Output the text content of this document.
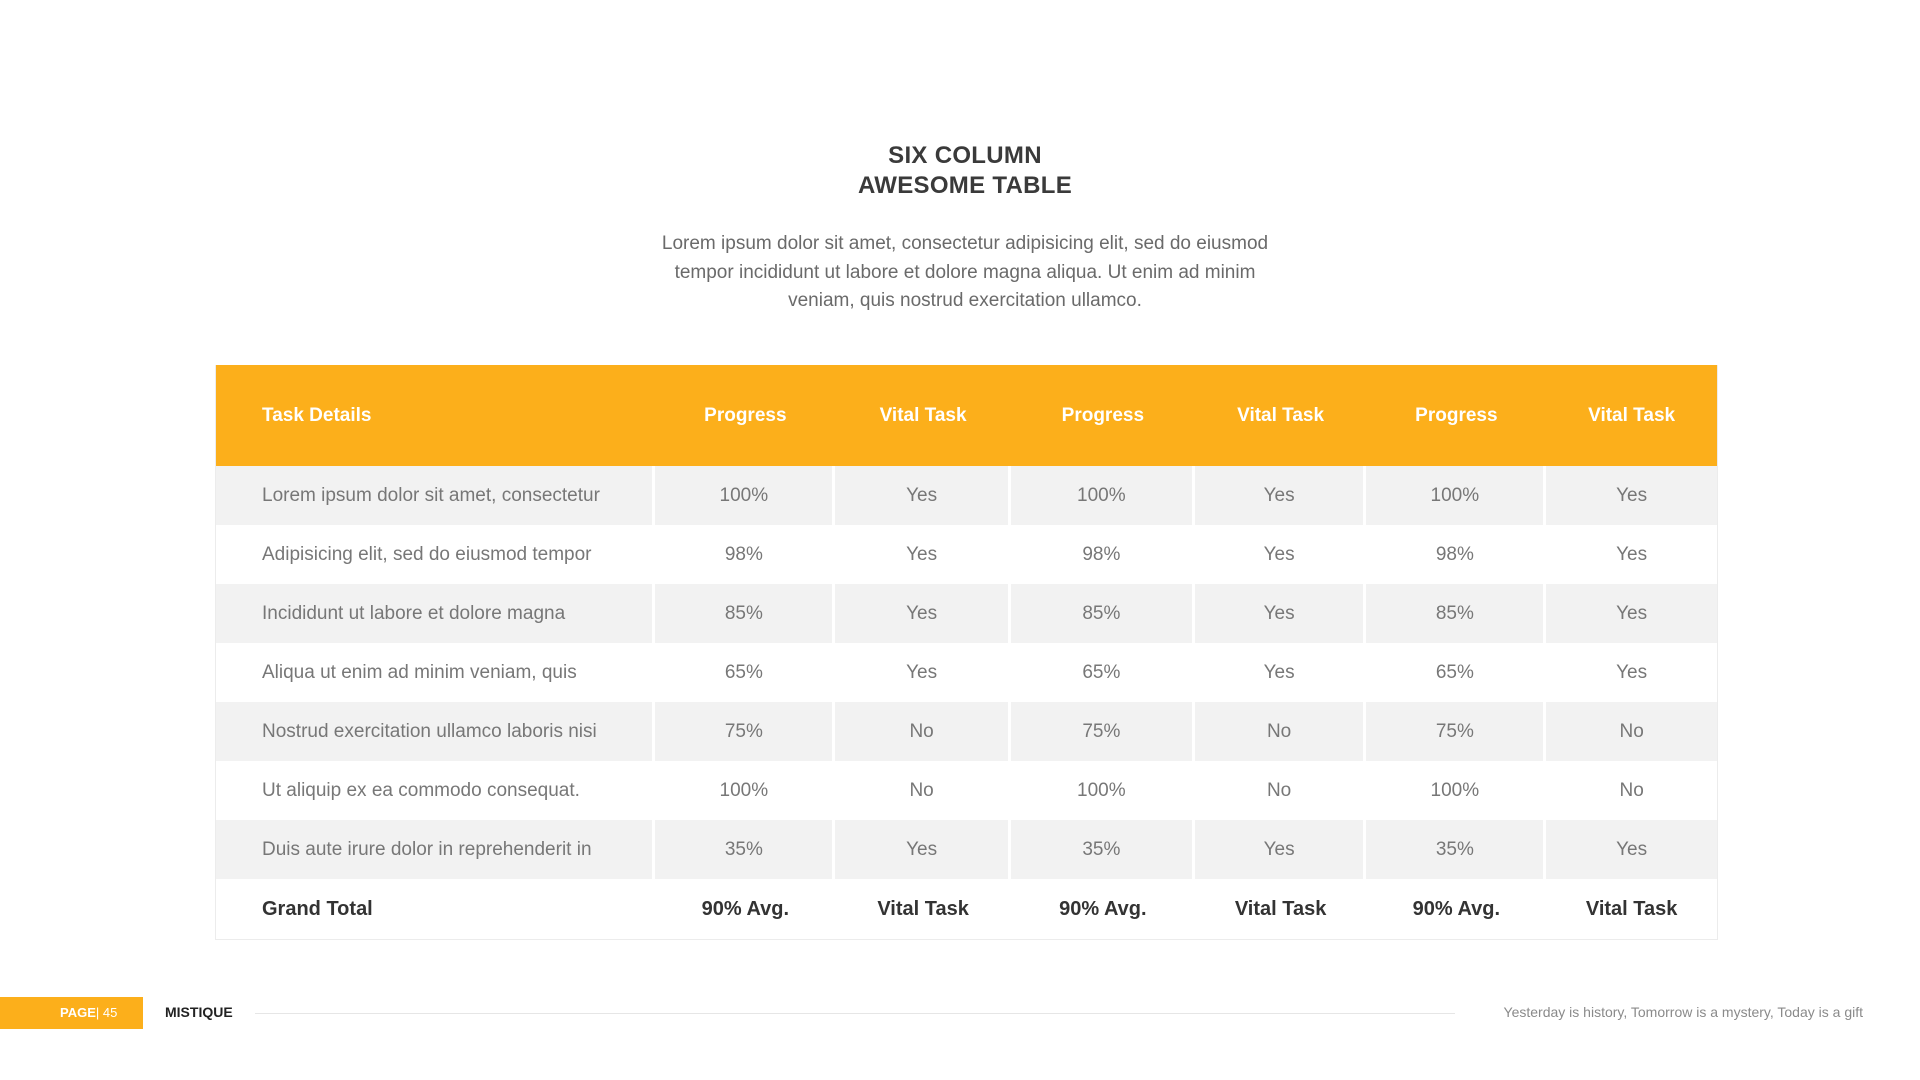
SIX COLUMN
AWESOME TABLE

Lorem ipsum dolor sit amet, consectetur adipisicing elit, sed do eiusmod tempor incididunt ut labore et dolore magna aliqua. Ut enim ad minim veniam, quis nostrud exercitation ullamco.

Task Details	Progress	Vital Task	Progress	Vital Task	Progress	Vital Task
Lorem ipsum dolor sit amet, consectetur	100%	Yes	100%	Yes	100%	Yes
Adipisicing elit, sed do eiusmod tempor	98%	Yes	98%	Yes	98%	Yes
Incididunt ut labore et dolore magna	85%	Yes	85%	Yes	85%	Yes
Aliqua ut enim ad minim veniam, quis	65%	Yes	65%	Yes	65%	Yes
Nostrud exercitation ullamco laboris nisi	75%	No	75%	No	75%	No
Ut aliquip ex ea commodo consequat.	100%	No	100%	No	100%	No
Duis aute irure dolor in reprehenderit in	35%	Yes	35%	Yes	35%	Yes
Grand Total	90% Avg.	Vital Task	90% Avg.	Vital Task	90% Avg.	Vital Task
PAGE| 45	MISTIQUE	Yesterday is history, Tomorrow is a mystery, Today is a gift
